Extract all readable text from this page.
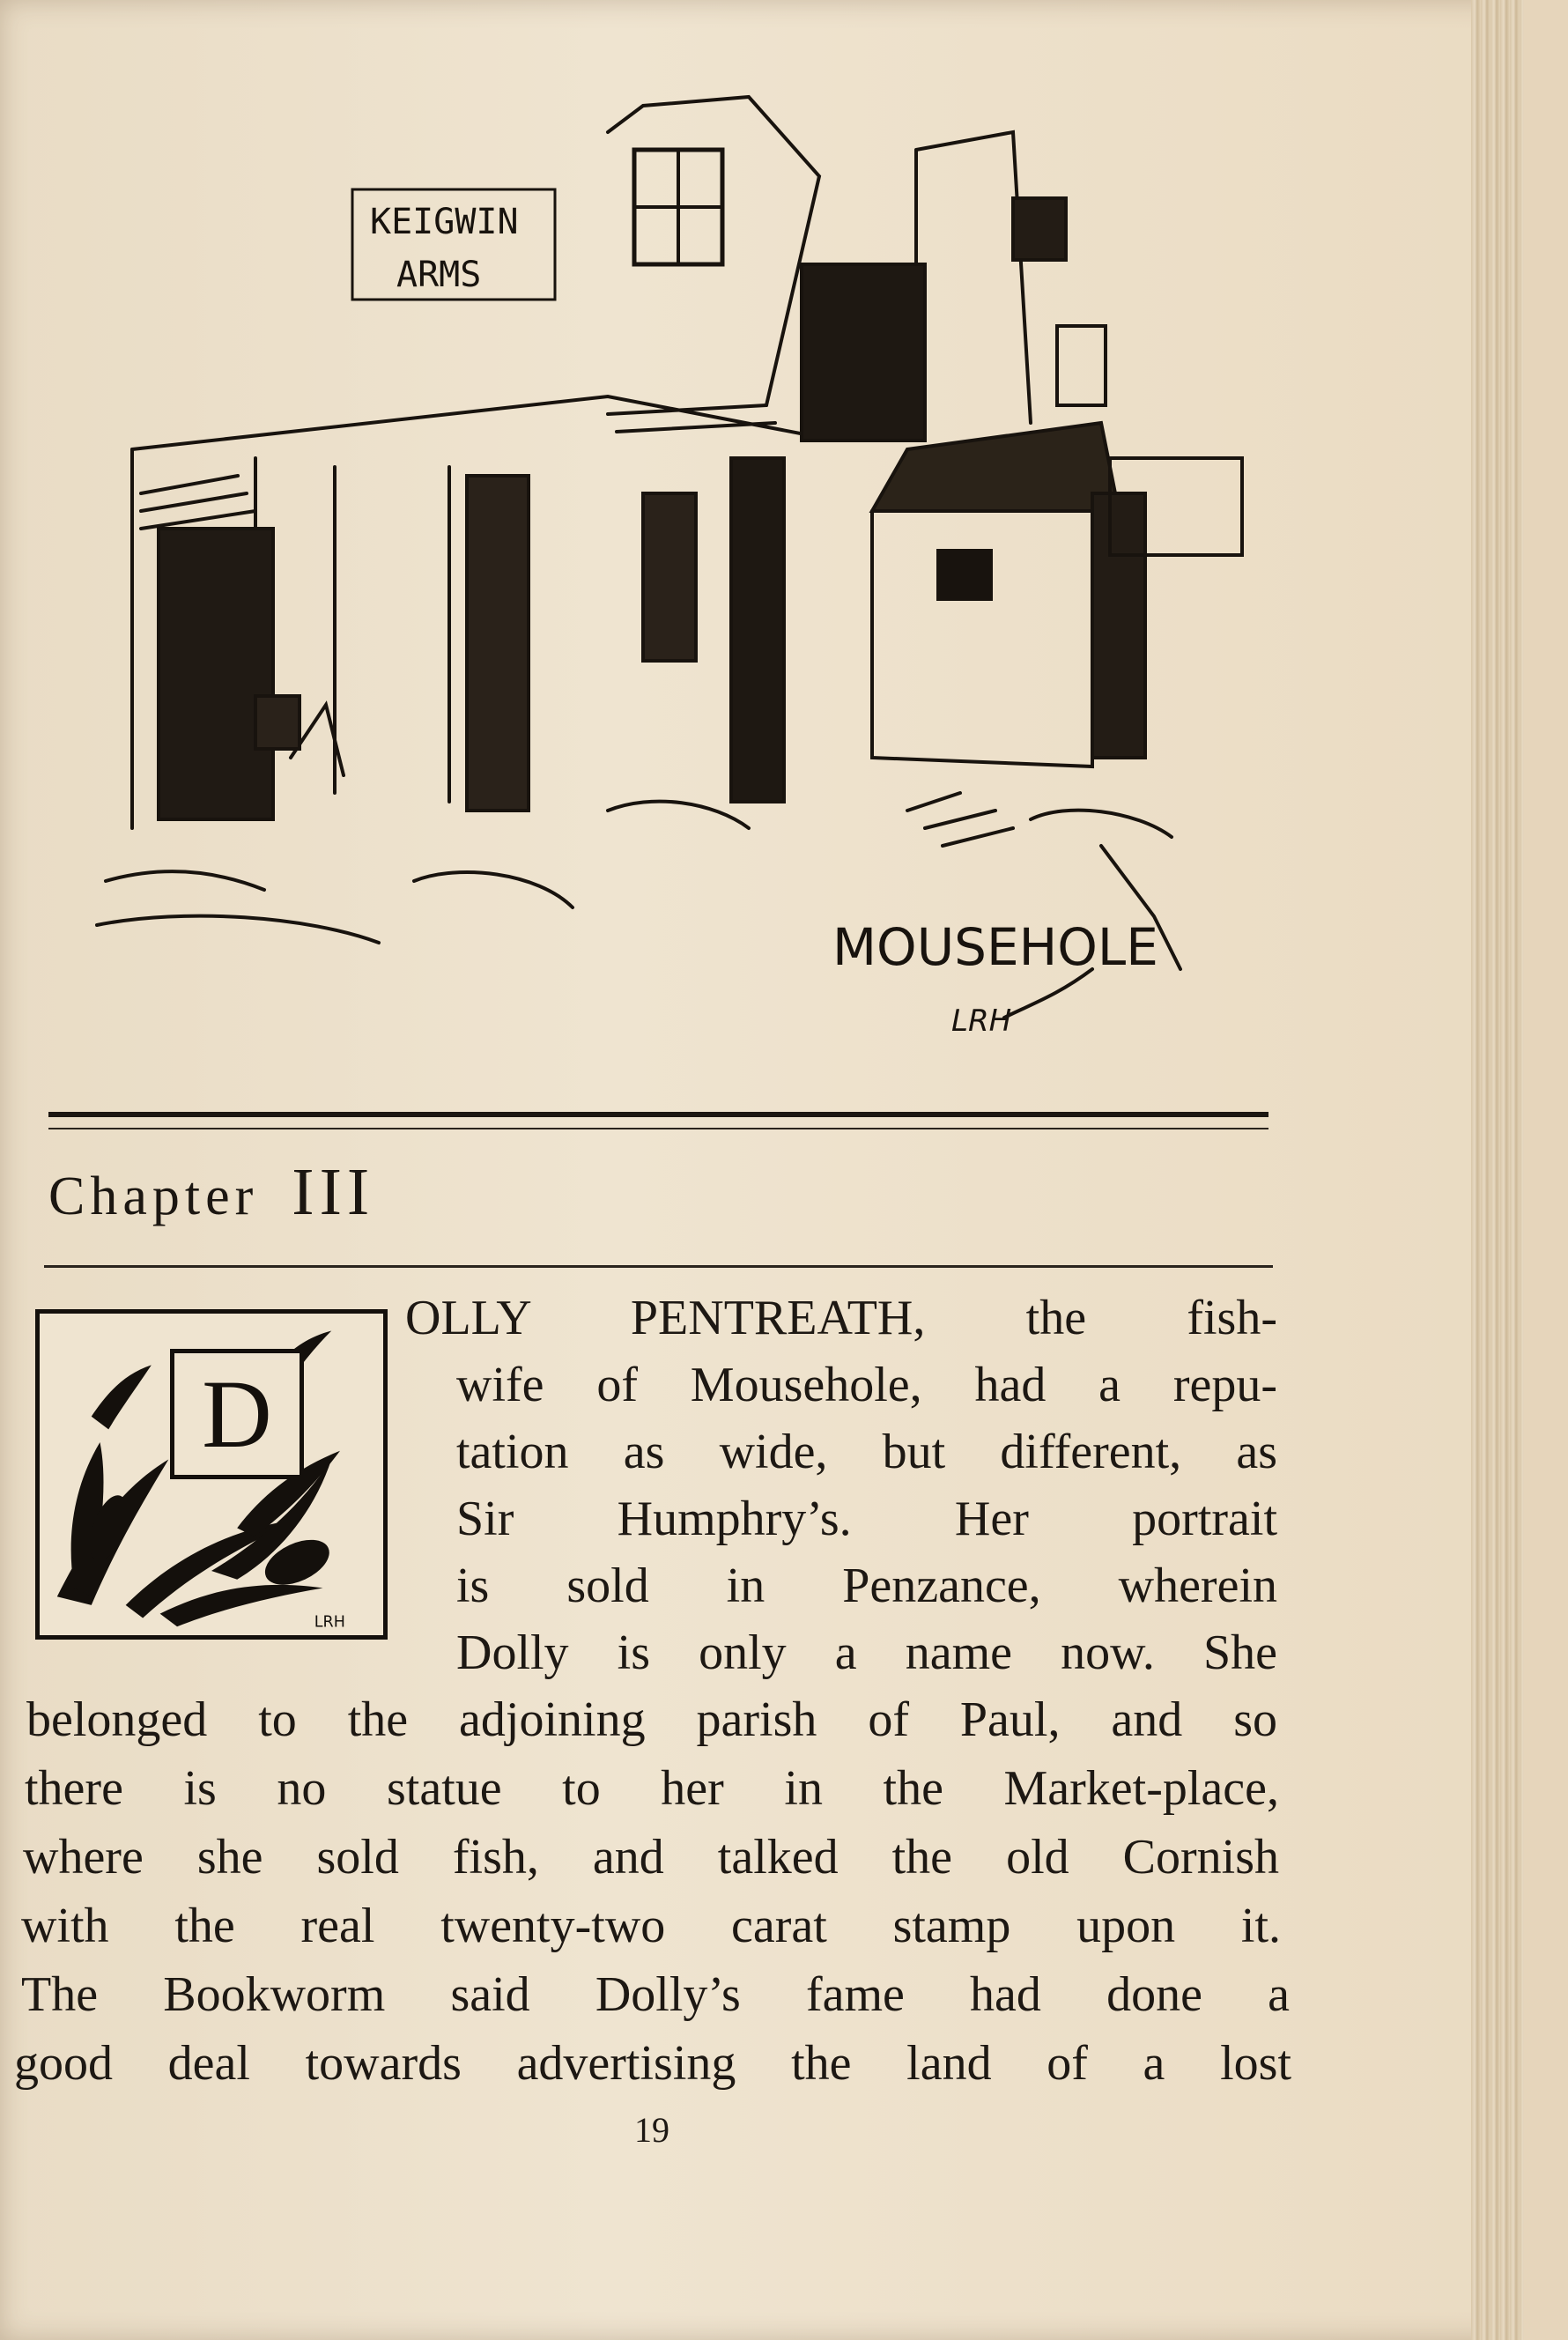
KEIGWIN
ARMS
MOUSEHOLE
LRH
Chapter III
LRH
D
OLLY PENTREATH, the fish-
wife of Mousehole, had a repu-
tation as wide, but different, as
Sir Humphry’s. Her portrait
is sold in Penzance, wherein
Dolly is only a name now. She
belonged to the adjoining parish of Paul, and so
there is no statue to her in the Market-place,
where she sold fish, and talked the old Cornish
with the real twenty-two carat stamp upon it.
The Bookworm said Dolly’s fame had done a
good deal towards advertising the land of a lost
19
